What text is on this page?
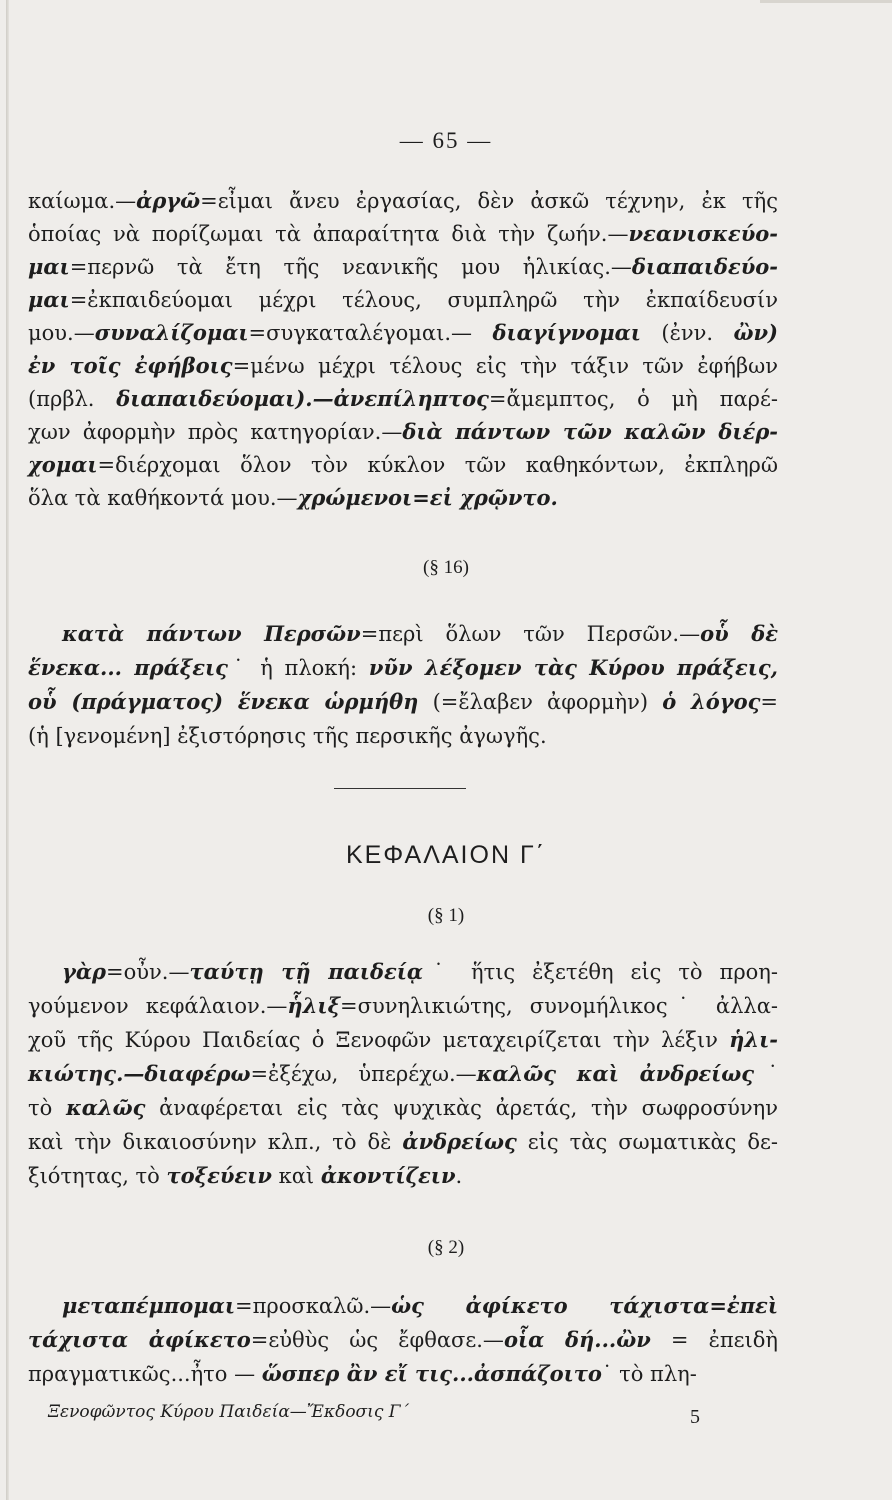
— 65 —
καίωμα.—ἀργῶ=εἶμαι ἄνευ ἐργασίας, δὲν ἀσκῶ τέχνην, ἐκ τῆς
ὁποίας νὰ πορίζωμαι τὰ ἀπαραίτητα διὰ τὴν ζωήν.—νεανισκεύο-
μαι=περνῶ τὰ ἔτη τῆς νεανικῆς μου ἡλικίας.—διαπαιδεύο-
μαι=ἐκπαιδεύομαι μέχρι τέλους, συμπληρῶ τὴν ἐκπαίδευσίν
μου.—συναλίζομαι=συγκαταλέγομαι.— διαγίγνομαι (ἐνν. ὢν)
ἐν τοῖς ἐφήβοις=μένω μέχρι τέλους εἰς τὴν τάξιν τῶν ἐφήβων
(πρβλ. διαπαιδεύομαι).—ἀνεπίληπτος=ἄμεμπτος, ὁ μὴ παρέ-
χων ἀφορμὴν πρὸς κατηγορίαν.—διὰ πάντων τῶν καλῶν διέρ-
χομαι=διέρχομαι ὅλον τὸν κύκλον τῶν καθηκόντων, ἐκπληρῶ
ὅλα τὰ καθήκοντά μου.—χρώμενοι=εἰ χρῷντο.
(§ 16)
κατὰ πάντων Περσῶν=περὶ ὅλων τῶν Περσῶν.—οὗ δὲ
ἕνεκα... πράξεις˙ ἡ πλοκή: νῦν λέξομεν τὰς Κύρου πράξεις,
οὗ (πράγματος) ἕνεκα ὡρμήθη (=ἔλαβεν ἀφορμὴν) ὁ λόγος=
(ἡ [γενομένη] ἐξιστόρησις τῆς περσικῆς ἀγωγῆς.
ΚΕΦΑΛΑΙΟΝ Γ΄
(§ 1)
γὰρ=οὖν.—ταύτῃ τῇ παιδείᾳ˙ ἥτις ἐξετέθη εἰς τὸ προη-
γούμενον κεφάλαιον.—ἧλιξ=συνηλικιώτης, συνομήλικος˙ ἀλλα-
χοῦ τῆς Κύρου Παιδείας ὁ Ξενοφῶν μεταχειρίζεται τὴν λέξιν ἡλι-
κιώτης.—διαφέρω=ἐξέχω, ὑπερέχω.—καλῶς καὶ ἀνδρείως˙
τὸ καλῶς ἀναφέρεται εἰς τὰς ψυχικὰς ἀρετάς, τὴν σωφροσύνην
καὶ τὴν δικαιοσύνην κλπ., τὸ δὲ ἀνδρείως εἰς τὰς σωματικὰς δε-
ξιότητας, τὸ τοξεύειν καὶ ἀκοντίζειν.
(§ 2)
μεταπέμπομαι=προσκαλῶ.—ὡς ἀφίκετο τάχιστα=ἐπεὶ
τάχιστα ἀφίκετο=εὐθὺς ὡς ἔφθασε.—οἷα δή...ὢν = ἐπειδὴ
πραγματικῶς...ἦτο — ὥσπερ ἂν εἴ τις...ἀσπάζοιτο˙ τὸ πλη-
Ξενοφῶντος Κύρου Παιδεία—Ἔκδοσις Γ΄	5
